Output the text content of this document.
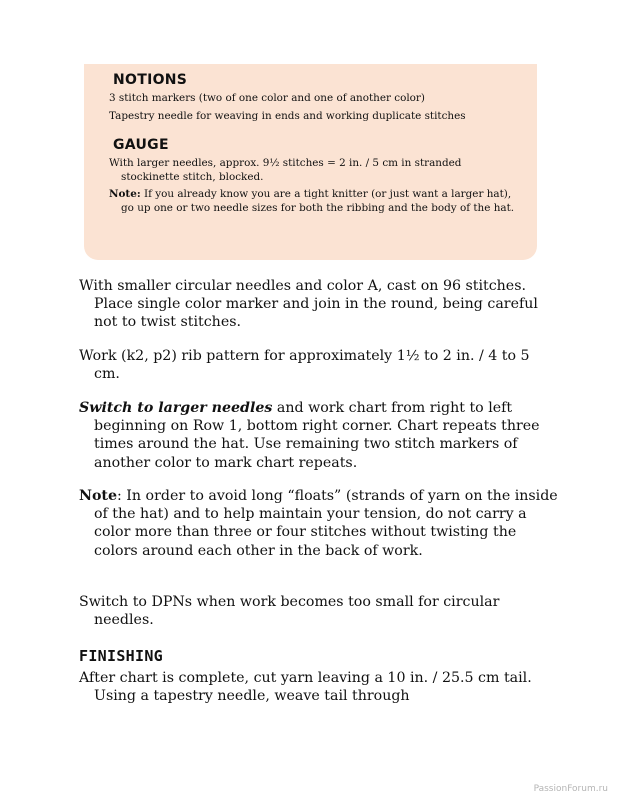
NOTIONS

3 stitch markers (two of one color and one of another color)

Tapestry needle for weaving in ends and working duplicate stitches

GAUGE

With larger needles, approx. 9½ stitches = 2 in. / 5 cm in stranded stockinette stitch, blocked.

Note: If you already know you are a tight knitter (or just want a larger hat), go up one or two needle sizes for both the ribbing and the body of the hat.

With smaller circular needles and color A, cast on 96 stitches. Place single color marker and join in the round, being careful not to twist stitches.

Work (k2, p2) rib pattern for approximately 1½ to 2 in. / 4 to 5 cm.

Switch to larger needles and work chart from right to left beginning on Row 1, bottom right corner. Chart repeats three times around the hat. Use remaining two stitch markers of another color to mark chart repeats.

Note: In order to avoid long “floats” (strands of yarn on the inside of the hat) and to help maintain your tension, do not carry a color more than three or four stitches without twisting the colors around each other in the back of work.

Switch to DPNs when work becomes too small for circular needles.

FINISHING

After chart is complete, cut yarn leaving a 10 in. / 25.5 cm tail. Using a tapestry needle, weave tail through

PassionForum.ru
